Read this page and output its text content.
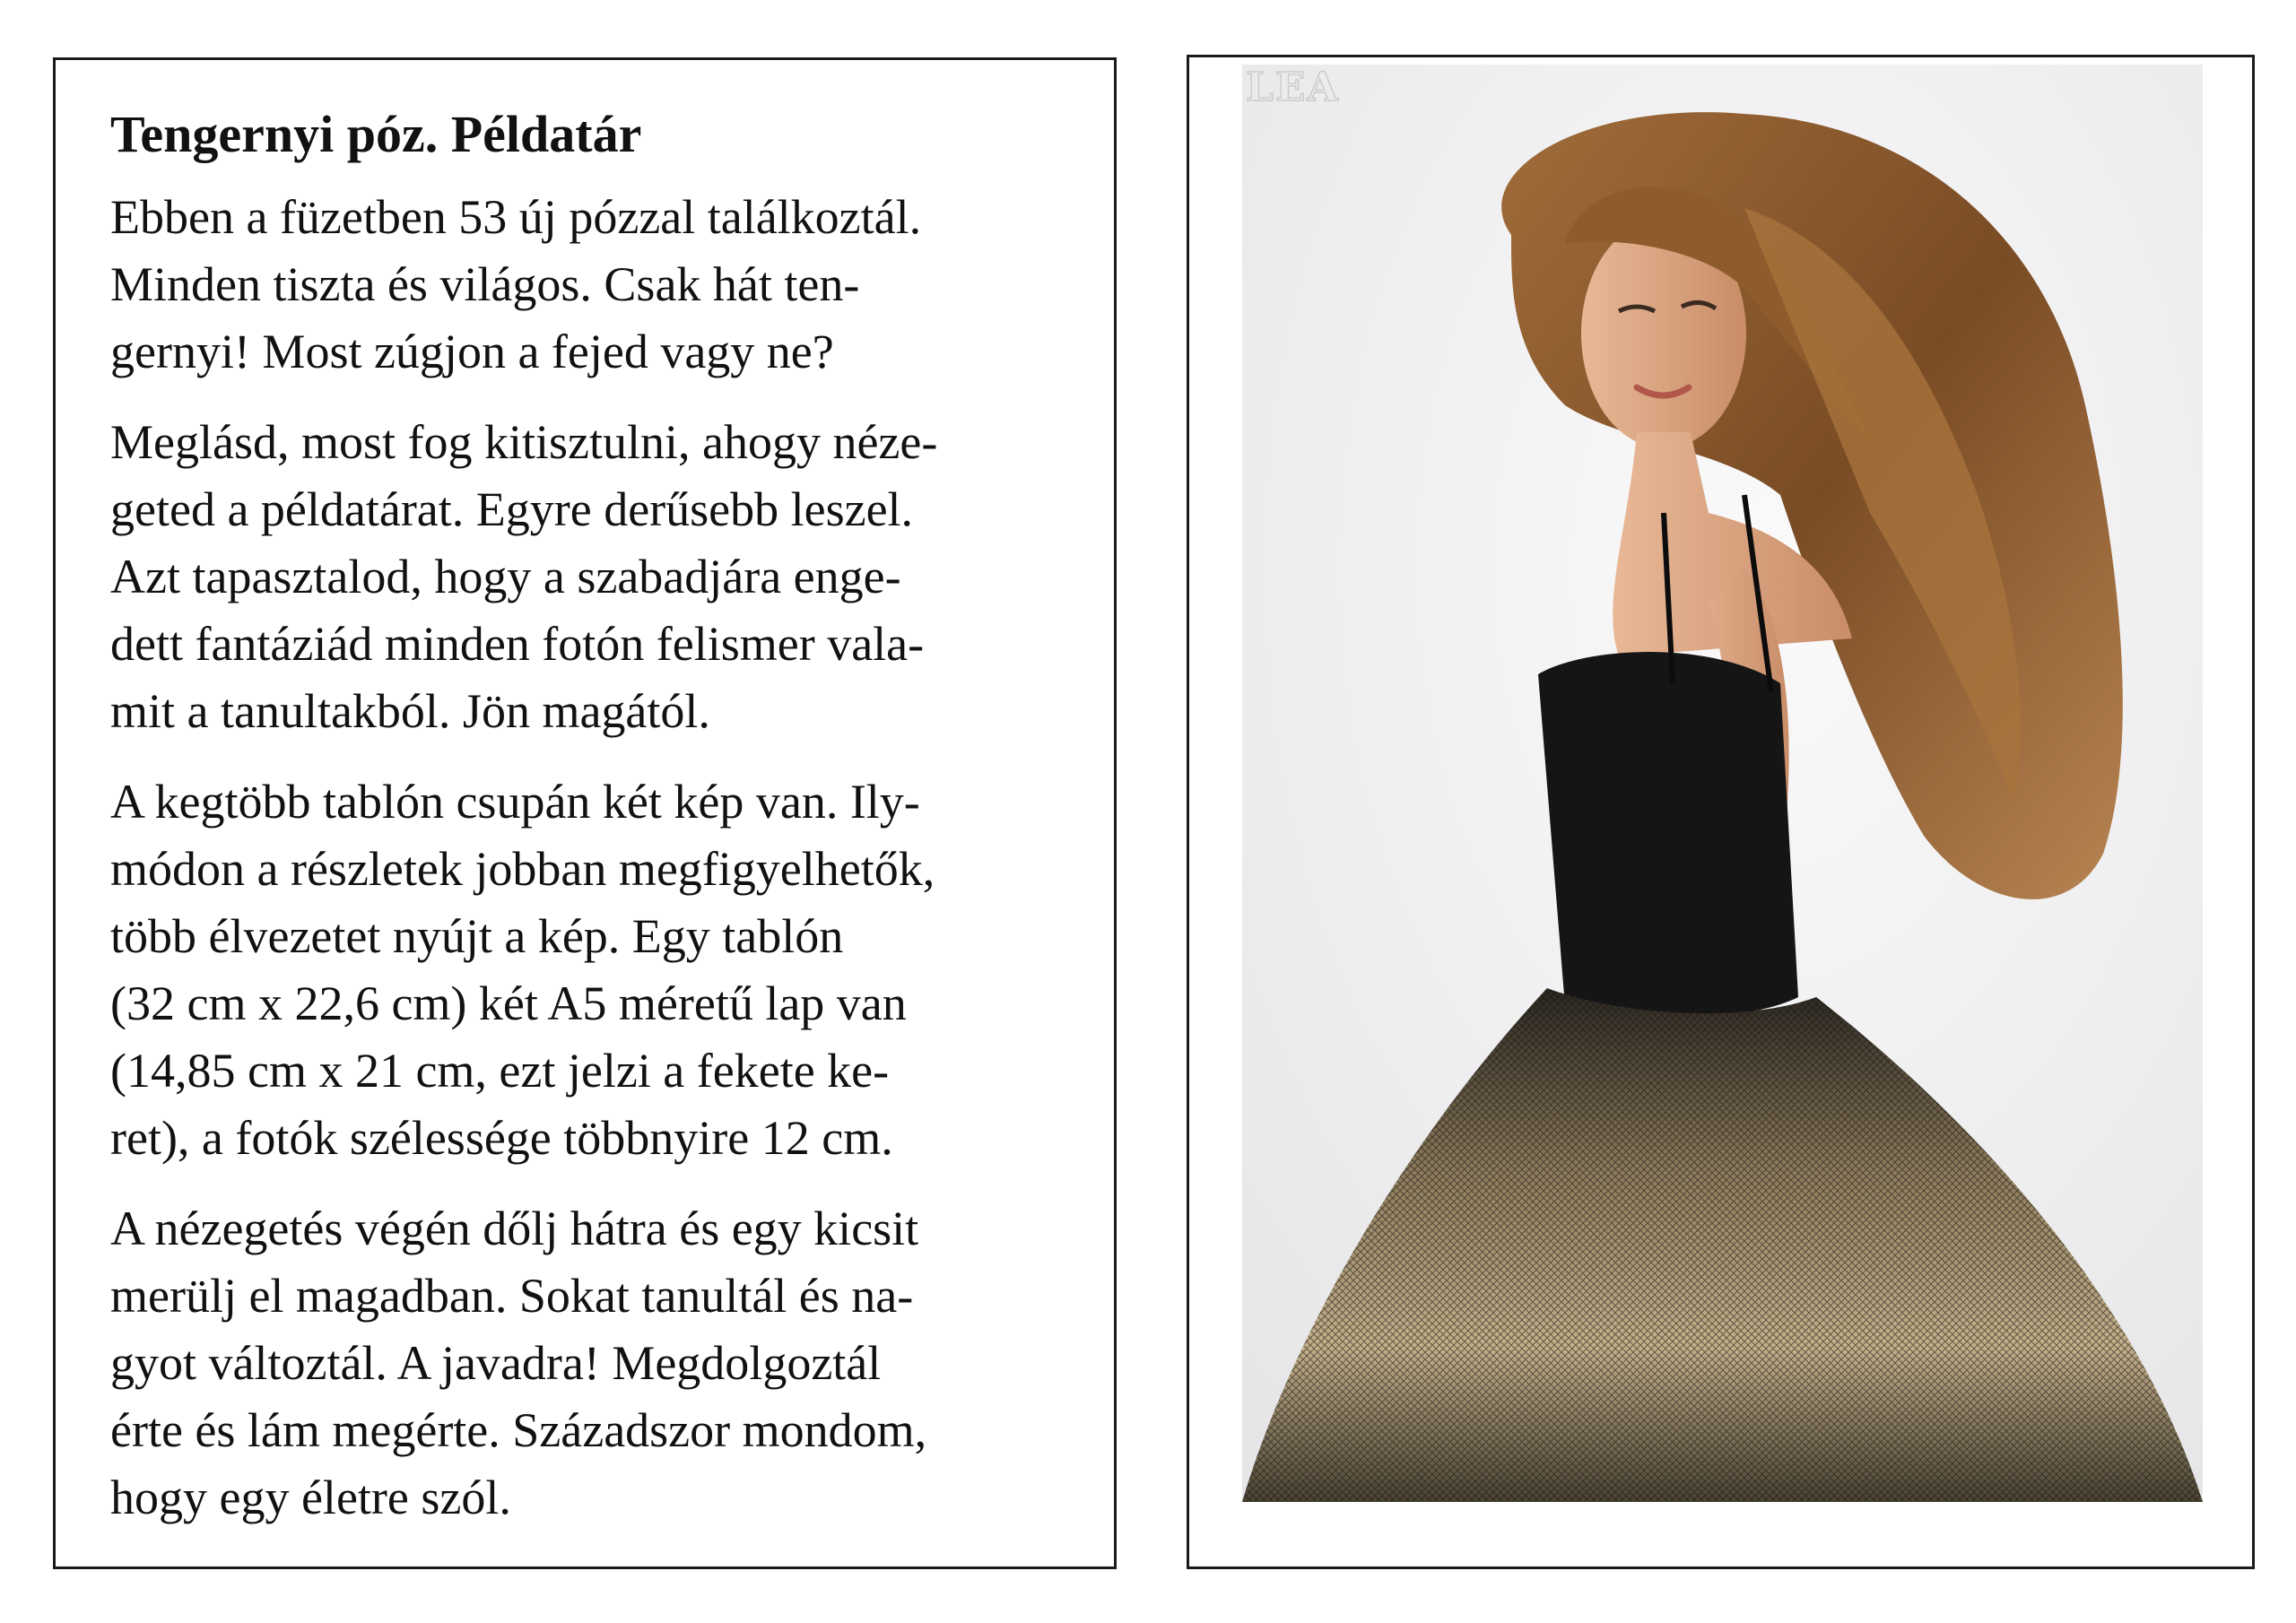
Tengernyi póz. Példatár

Ebben a füzetben 53 új pózzal találkoztál.
Minden tiszta és világos. Csak hát ten-
gernyi! Most zúgjon a fejed vagy ne?

Meglásd, most fog kitisztulni, ahogy néze-
geted a példatárat. Egyre derűsebb leszel.
Azt tapasztalod, hogy a szabadjára enge-
dett fantáziád minden fotón felismer vala-
mit a tanultakból. Jön magától.

A kegtöbb tablón csupán két kép van. Ily-
módon a részletek jobban megfigyelhetők,
több élvezetet nyújt a kép. Egy tablón
(32 cm x 22,6 cm) két A5 méretű lap van
(14,85 cm x 21 cm, ezt jelzi a fekete ke-
ret), a fotók szélessége többnyire 12 cm.

A nézegetés végén dőlj hátra és egy kicsit
merülj el magadban. Sokat tanultál és na-
gyot változtál. A javadra! Megdolgoztál
érte és lám megérte. Századszor mondom,
hogy egy életre szól.

LEA
